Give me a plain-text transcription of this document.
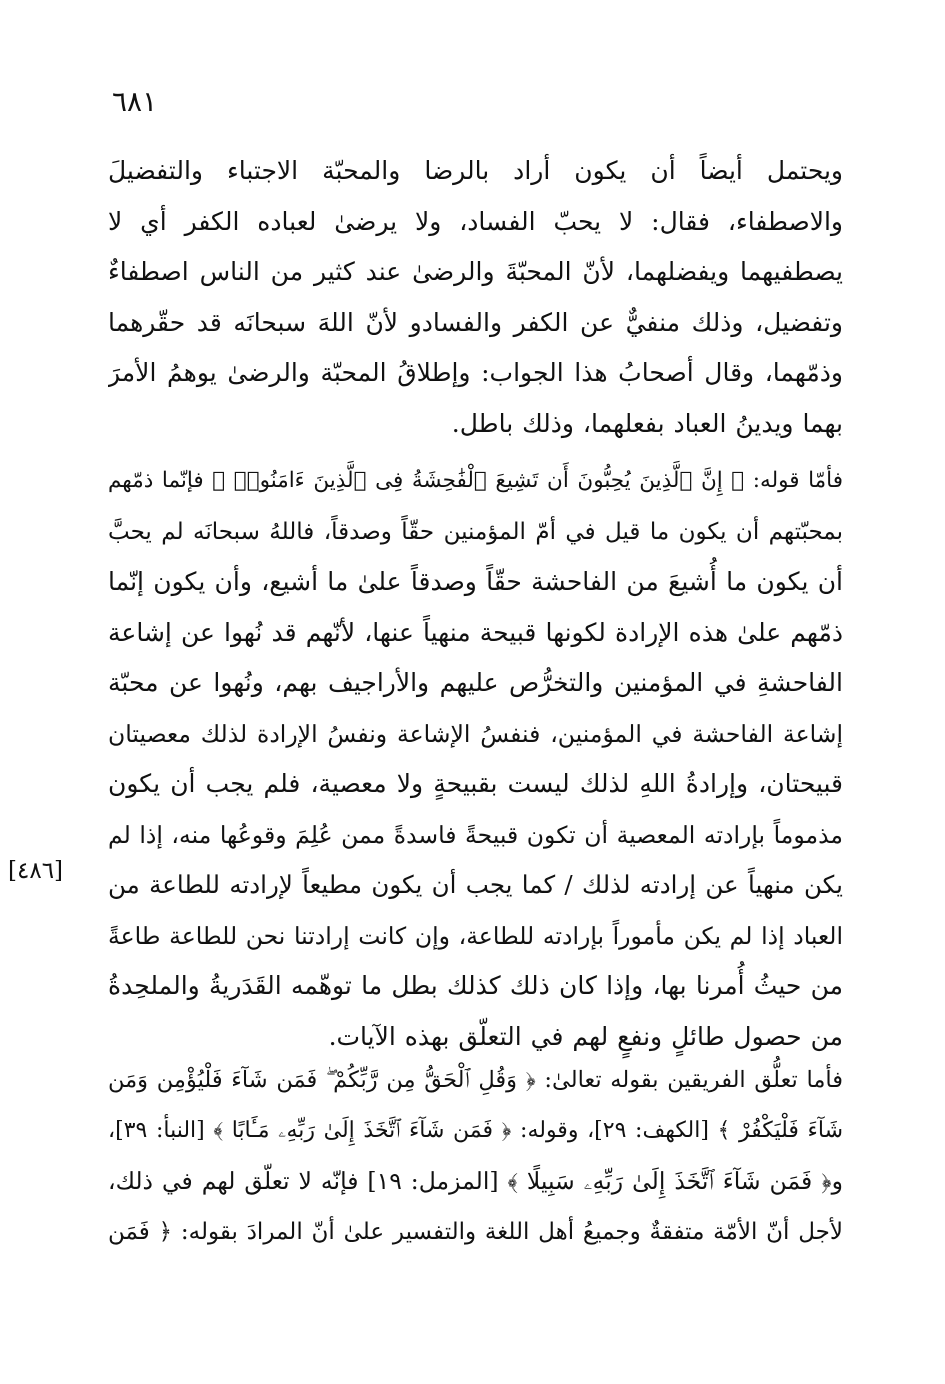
٦٨١
[٤٨٦]
ويحتمل أيضاً أن يكون أراد بالرضا والمحبّة الاجتباء والتفضيلَ
والاصطفاء، فقال: لا يحبّ الفساد، ولا يرضىٰ لعباده الكفر أي لا
يصطفيهما ويفضلهما، لأنّ المحبّةَ والرضىٰ عند كثير من الناس اصطفاءٌ
وتفضيل، وذلك منفيٌّ عن الكفر والفسادو لأنّ اللهَ سبحانَه قد حقّرهما
وذمّهما، وقال أصحابُ هذا الجواب: وإطلاقُ المحبّة والرضىٰ يوهمُ الأمرَ
بهما ويدينُ العباد بفعلهما، وذلك باطل.
فأمّا قوله: ﴿ إِنَّ ٱلَّذِينَ يُحِبُّونَ أَن تَشِيعَ ٱلْفَٰحِشَةُ فِى ٱلَّذِينَ ءَامَنُوا۟ ﴾ فإنّما ذمّهم
بمحبّتهم أن يكون ما قيل في أمّ المؤمنين حقّاً وصدقاً، فاللهُ سبحانَه لم يحبَّ
أن يكون ما أُشيعَ من الفاحشة حقّاً وصدقاً علىٰ ما أشيع، وأن يكون إنّما
ذمّهم علىٰ هذه الإرادة لكونها قبيحة منهياً عنها، لأنّهم قد نُهوا عن إشاعة
الفاحشةِ في المؤمنين والتخرُّص عليهم والأراجيف بهم، ونُهوا عن محبّة
إشاعة الفاحشة في المؤمنين، فنفسُ الإشاعة ونفسُ الإرادة لذلك معصيتان
قبيحتان، وإرادةُ اللهِ لذلك ليست بقبيحةٍ ولا معصية، فلم يجب أن يكون
مذموماً بإرادته المعصية أن تكون قبيحةً فاسدةً ممن عُلِمَ وقوعُها منه، إذا لم
يكن منهياً عن إرادته لذلك / كما يجب أن يكون مطيعاً لإرادته للطاعة من
العباد إذا لم يكن مأموراً بإرادته للطاعة، وإن كانت إرادتنا نحن للطاعة طاعةً
من حيثُ أُمرنا بها، وإذا كان ذلك كذلك بطل ما توهّمه القَدَريةُ والملحِدةُ
من حصول طائلٍ ونفعٍ لهم في التعلّق بهذه الآيات.
فأما تعلُّق الفريقين بقوله تعالىٰ: ﴿ وَقُلِ ٱلْحَقُّ مِن رَّبِّكُمْ ۖ فَمَن شَآءَ فَلْيُؤْمِن وَمَن
شَآءَ فَلْيَكْفُرْ ﴾ [الكهف: ٢٩]، وقوله: ﴿ فَمَن شَآءَ ٱتَّخَذَ إِلَىٰ رَبِّهِۦ مَـَٔابًا ﴾ [النبأ: ٣٩]،
و﴿ فَمَن شَآءَ ٱتَّخَذَ إِلَىٰ رَبِّهِۦ سَبِيلًا ﴾ [المزمل: ١٩] فإنّه لا تعلّق لهم في ذلك،
لأجل أنّ الأمّة متفقةٌ وجميعُ أهل اللغة والتفسير علىٰ أنّ المرادَ بقوله: ﴿ فَمَن
